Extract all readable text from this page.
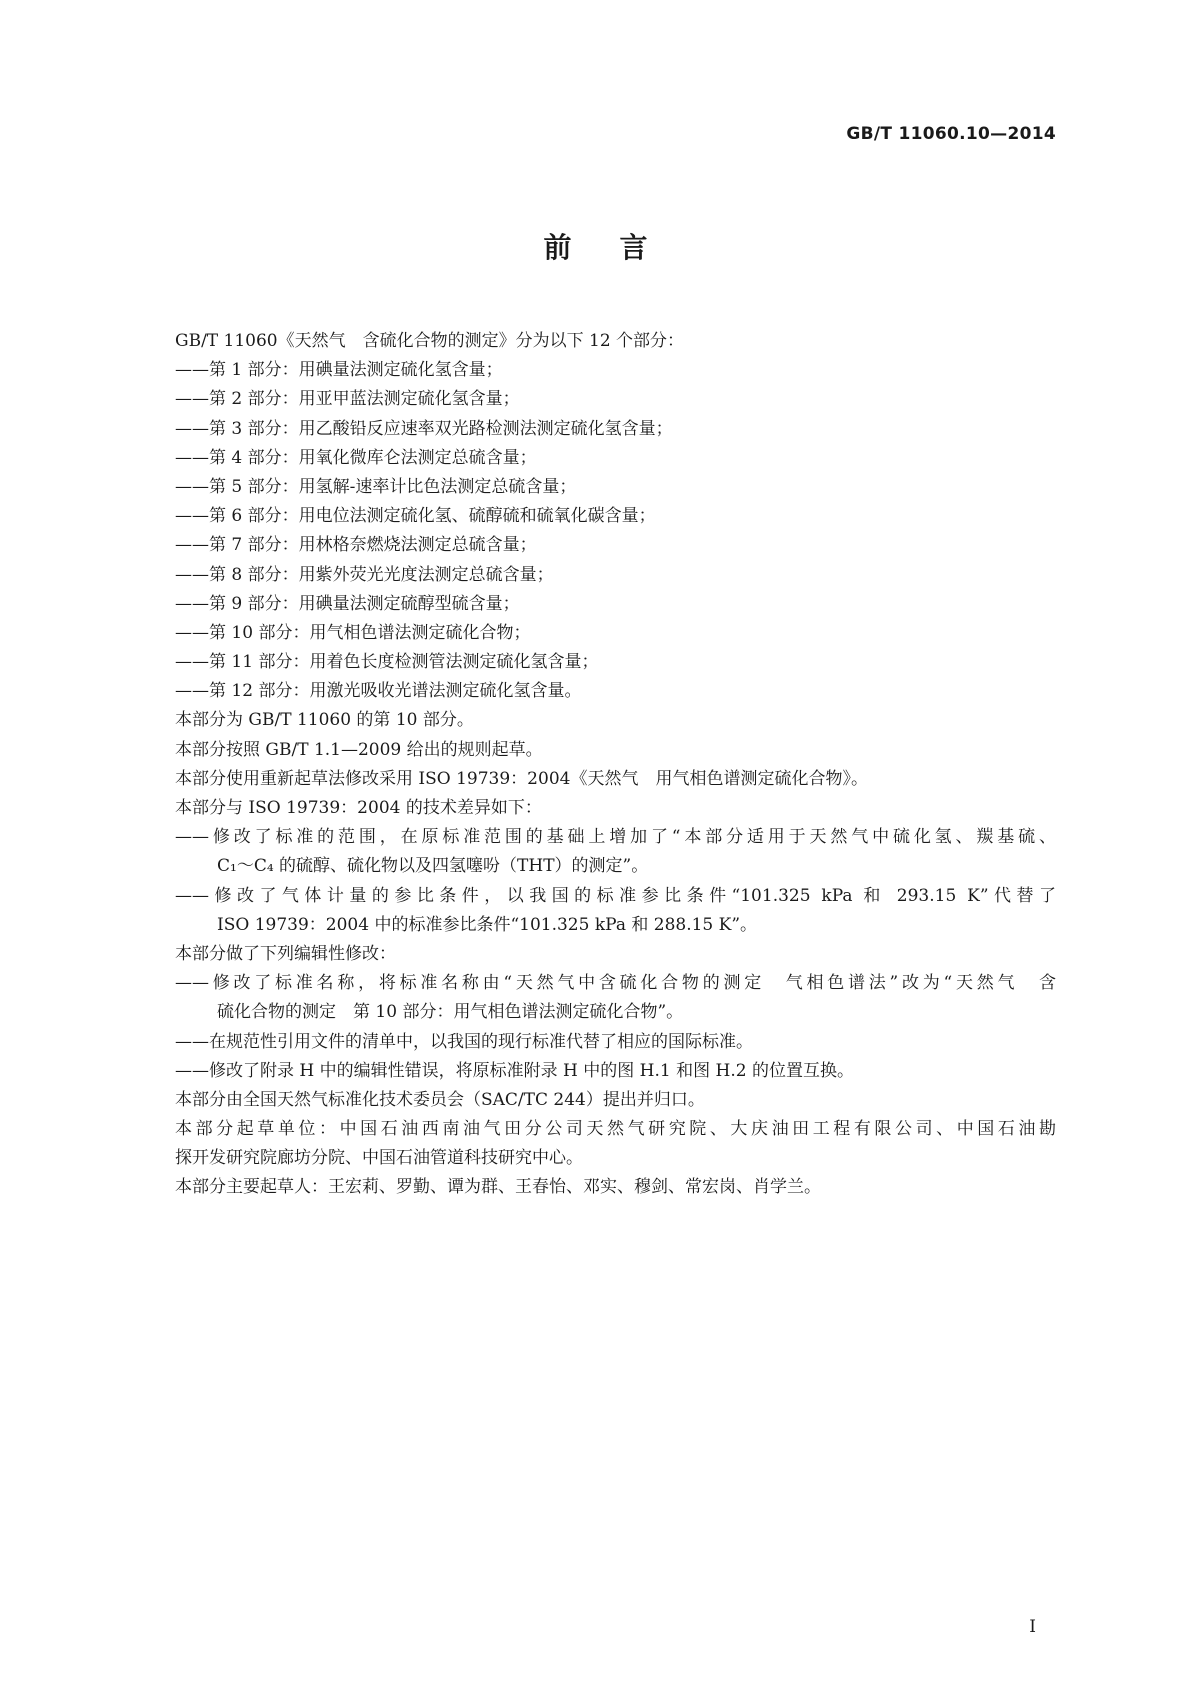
GB/T 11060.10—2014
前言
GB/T 11060《天然气　含硫化合物的测定》分为以下 12 个部分：
——第 1 部分：用碘量法测定硫化氢含量；
——第 2 部分：用亚甲蓝法测定硫化氢含量；
——第 3 部分：用乙酸铅反应速率双光路检测法测定硫化氢含量；
——第 4 部分：用氧化微库仑法测定总硫含量；
——第 5 部分：用氢解-速率计比色法测定总硫含量；
——第 6 部分：用电位法测定硫化氢、硫醇硫和硫氧化碳含量；
——第 7 部分：用林格奈燃烧法测定总硫含量；
——第 8 部分：用紫外荧光光度法测定总硫含量；
——第 9 部分：用碘量法测定硫醇型硫含量；
——第 10 部分：用气相色谱法测定硫化合物；
——第 11 部分：用着色长度检测管法测定硫化氢含量；
——第 12 部分：用激光吸收光谱法测定硫化氢含量。
本部分为 GB/T 11060 的第 10 部分。
本部分按照 GB/T 1.1—2009 给出的规则起草。
本部分使用重新起草法修改采用 ISO 19739：2004《天然气　用气相色谱测定硫化合物》。
本部分与 ISO 19739：2004 的技术差异如下：
——修改了标准的范围，在原标准范围的基础上增加了“本部分适用于天然气中硫化氢、羰基硫、
C₁～C₄ 的硫醇、硫化物以及四氢噻吩（THT）的测定”。
——修改了气体计量的参比条件，以我国的标准参比条件“101.325 kPa 和 293.15 K”代替了
ISO 19739：2004 中的标准参比条件“101.325 kPa 和 288.15 K”。
本部分做了下列编辑性修改：
——修改了标准名称，将标准名称由“天然气中含硫化合物的测定　气相色谱法”改为“天然气　含
硫化合物的测定　第 10 部分：用气相色谱法测定硫化合物”。
——在规范性引用文件的清单中，以我国的现行标准代替了相应的国际标准。
——修改了附录 H 中的编辑性错误，将原标准附录 H 中的图 H.1 和图 H.2 的位置互换。
本部分由全国天然气标准化技术委员会（SAC/TC 244）提出并归口。
本部分起草单位：中国石油西南油气田分公司天然气研究院、大庆油田工程有限公司、中国石油勘
探开发研究院廊坊分院、中国石油管道科技研究中心。
本部分主要起草人：王宏莉、罗勤、谭为群、王春怡、邓实、穆剑、常宏岗、肖学兰。
I
